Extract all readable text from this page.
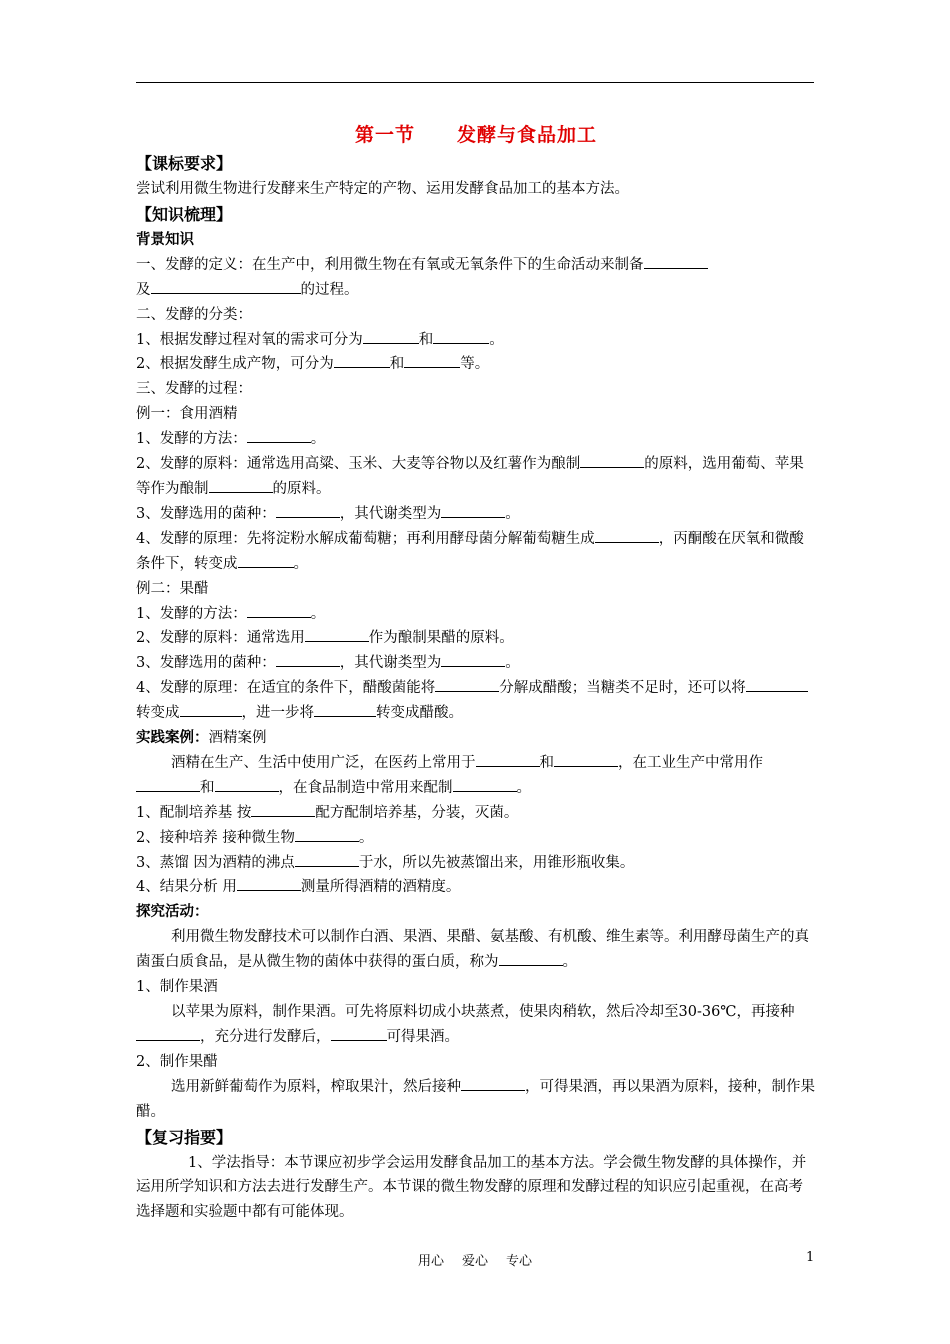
第一节 发酵与食品加工

【课标要求】

尝试利用微生物进行发酵来生产特定的产物、运用发酵食品加工的基本方法。

【知识梳理】

背景知识

一、发酵的定义：在生产中，利用微生物在有氧或无氧条件下的生命活动来制备
及	的过程。

二、发酵的分类：

1、根据发酵过程对氧的需求可分为	和	。

2、根据发酵生成产物，可分为	和	等。

三、发酵的过程：

例一：食用酒精

1、发酵的方法：	。

2、发酵的原料：通常选用高粱、玉米、大麦等谷物以及红薯作为酿制	的原料，选用葡萄、苹果等作为酿制	的原料。

3、发酵选用的菌种：	，其代谢类型为	。

4、发酵的原理：先将淀粉水解成葡萄糖；再利用酵母菌分解葡萄糖生成	，丙酮酸在厌氧和微酸条件下，转变成	。

例二：果醋

1、发酵的方法：	。

2、发酵的原料：通常选用	作为酿制果醋的原料。

3、发酵选用的菌种：	，其代谢类型为	。

4、发酵的原理：在适宜的条件下，醋酸菌能将	分解成醋酸；当糖类不足时，还可以将转变成	，进一步将	转变成醋酸。

实践案例：酒精案例

酒精在生产、生活中使用广泛，在医药上常用于	和	，在工业生产中常用作和	，在食品制造中常用来配制	。

1、配制培养基 按	配方配制培养基，分装，灭菌。

2、接种培养 接种微生物	。

3、蒸馏 因为酒精的沸点	于水，所以先被蒸馏出来，用锥形瓶收集。

4、结果分析 用	测量所得酒精的酒精度。

探究活动：

利用微生物发酵技术可以制作白酒、果酒、果醋、氨基酸、有机酸、维生素等。利用酵母菌生产的真菌蛋白质食品，是从微生物的菌体中获得的蛋白质，称为	。

1、制作果酒

以苹果为原料，制作果酒。可先将原料切成小块蒸煮，使果肉稍软，然后冷却至30-36℃，再接种，充分进行发酵后，	可得果酒。

2、制作果醋

选用新鲜葡萄作为原料，榨取果汁，然后接种	，可得果酒，再以果酒为原料，接种，制作果醋。

【复习指要】

1、学法指导：本节课应初步学会运用发酵食品加工的基本方法。学会微生物发酵的具体操作，并运用所学知识和方法去进行发酵生产。本节课的微生物发酵的原理和发酵过程的知识应引起重视，在高考选择题和实验题中都有可能体现。

用心 爱心 专心	1
